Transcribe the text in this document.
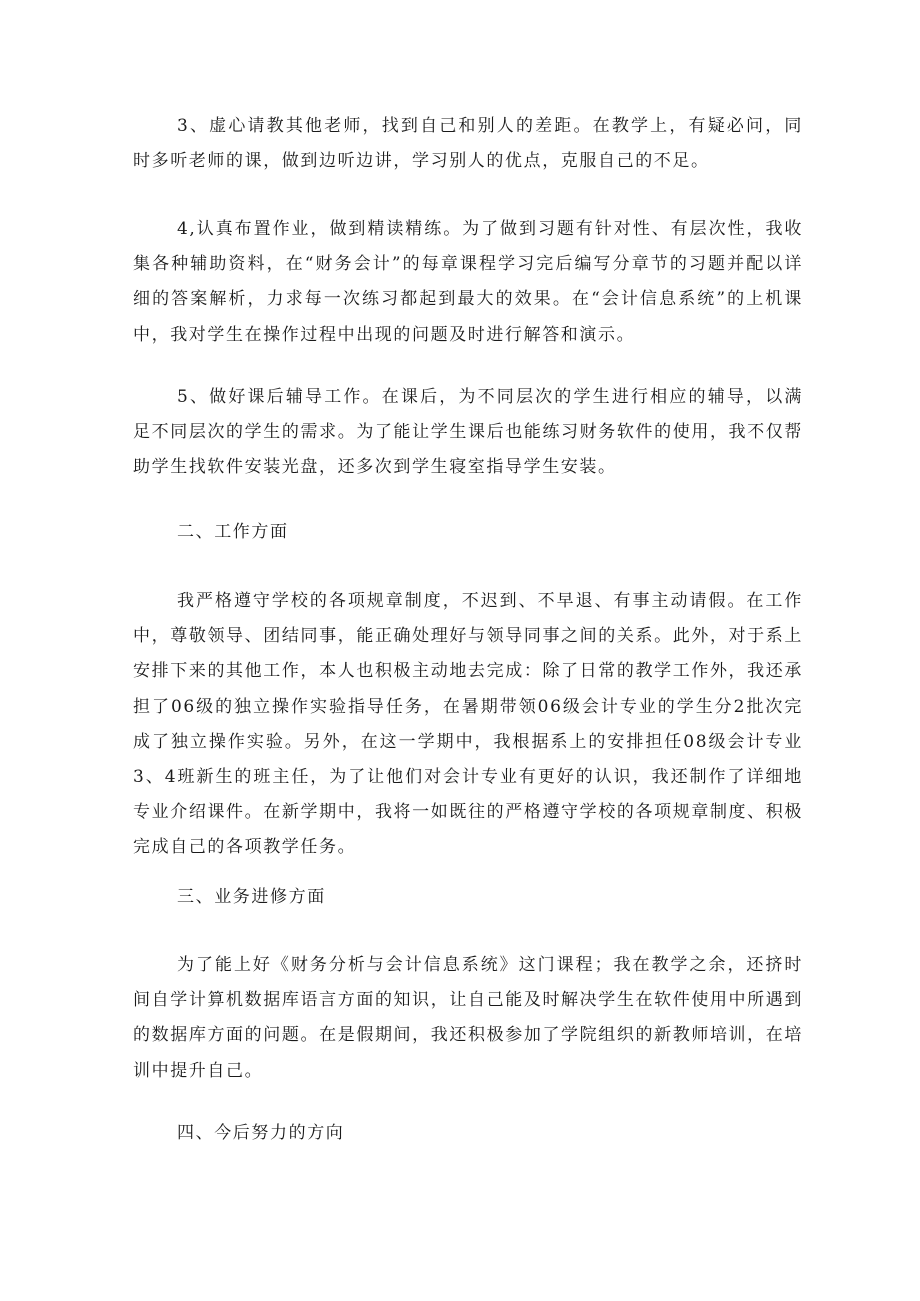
3、虚心请教其他老师，找到自己和别人的差距。在教学上，有疑必问，同时多听老师的课，做到边听边讲，学习别人的优点，克服自己的不足。

4,认真布置作业，做到精读精练。为了做到习题有针对性、有层次性，我收集各种辅助资料，在“财务会计”的每章课程学习完后编写分章节的习题并配以详细的答案解析，力求每一次练习都起到最大的效果。在“会计信息系统”的上机课中，我对学生在操作过程中出现的问题及时进行解答和演示。

5、做好课后辅导工作。在课后，为不同层次的学生进行相应的辅导，以满足不同层次的学生的需求。为了能让学生课后也能练习财务软件的使用，我不仅帮助学生找软件安装光盘，还多次到学生寝室指导学生安装。

二、工作方面

我严格遵守学校的各项规章制度，不迟到、不早退、有事主动请假。在工作中，尊敬领导、团结同事，能正确处理好与领导同事之间的关系。此外，对于系上安排下来的其他工作，本人也积极主动地去完成：除了日常的教学工作外，我还承担了06级的独立操作实验指导任务，在暑期带领06级会计专业的学生分2批次完成了独立操作实验。另外，在这一学期中，我根据系上的安排担任08级会计专业3、4班新生的班主任，为了让他们对会计专业有更好的认识，我还制作了详细地专业介绍课件。在新学期中，我将一如既往的严格遵守学校的各项规章制度、积极完成自己的各项教学任务。

三、业务进修方面

为了能上好《财务分析与会计信息系统》这门课程；我在教学之余，还挤时间自学计算机数据库语言方面的知识，让自己能及时解决学生在软件使用中所遇到的数据库方面的问题。在是假期间，我还积极参加了学院组织的新教师培训，在培训中提升自己。

四、今后努力的方向
